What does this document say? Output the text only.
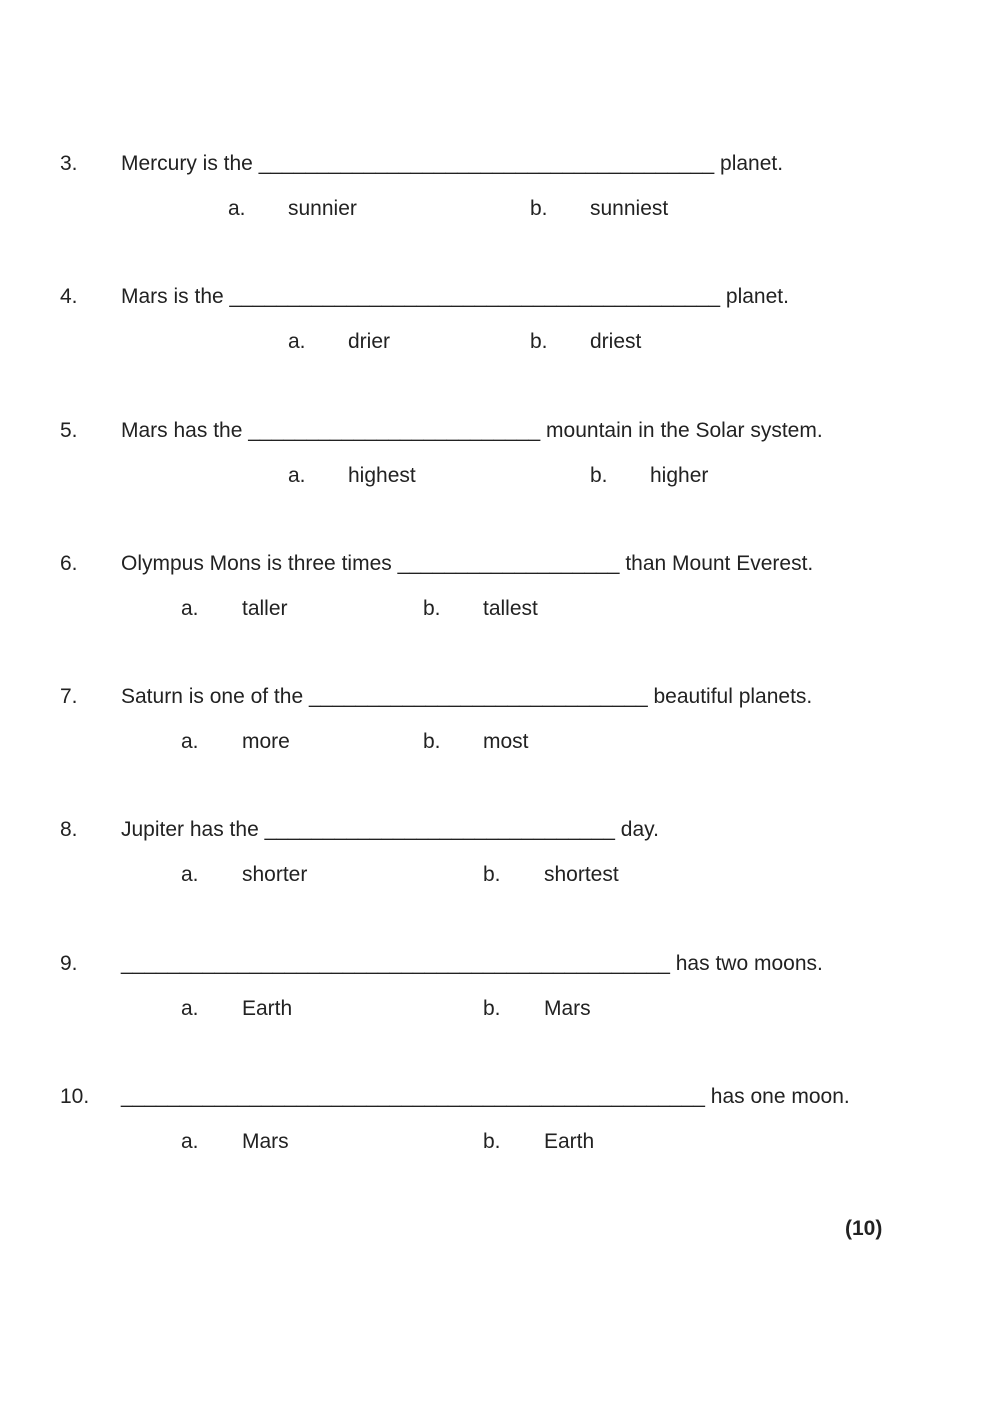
3. Mercury is the _______________________________________ planet.
a. sunnier	b. sunniest
4. Mars is the __________________________________________ planet.
a. drier	b. driest
5. Mars has the _________________________ mountain in the Solar system.
a. highest	b. higher
6. Olympus Mons is three times ___________________ than Mount Everest.
a. taller	b. tallest
7. Saturn is one of the _____________________________ beautiful planets.
a. more	b. most
8. Jupiter has the ______________________________ day.
a. shorter	b. shortest
9. _______________________________________________ has two moons.
a. Earth	b. Mars
10. __________________________________________________ has one moon.
a. Mars	b. Earth
(10)
